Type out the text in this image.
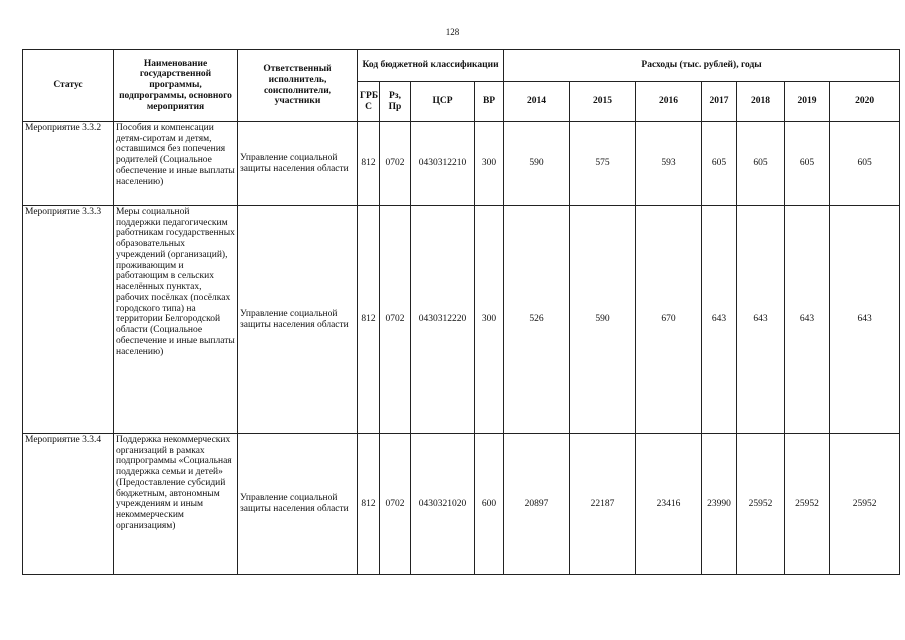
128
Статус	Наименование государственной программы, подпрограммы, основного мероприятия	Ответственный исполнитель, соисполнители, участники	Код бюджетной классификации				Расходы (тыс. рублей), годы						
			ГРБ С	Рз, Пр	ЦСР	ВР	2014	2015	2016	2017	2018	2019	2020
Мероприятие 3.3.2	Пособия и компенсации детям-сиротам и детям, оставшимся без попечения родителей (Социальное обеспечение и иные выплаты населению)	Управление социальной защиты населения области	812	0702	0430312210	300	590	575	593	605	605	605	605
Мероприятие 3.3.3	Меры социальной поддержки педагогическим работникам государственных образовательных учреждений (организаций), проживающим и работающим в сельских населённых пунктах, рабочих посёлках (посёлках городского типа) на территории Белгородской области (Социальное обеспечение и иные выплаты населению)	Управление социальной защиты населения области	812	0702	0430312220	300	526	590	670	643	643	643	643
Мероприятие 3.3.4	Поддержка некоммерческих организаций в рамках подпрограммы «Социальная поддержка семьи и детей» (Предоставление субсидий бюджетным, автономным учреждениям и иным некоммерческим организациям)	Управление социальной защиты населения области	812	0702	0430321020	600	20897	22187	23416	23990	25952	25952	25952
